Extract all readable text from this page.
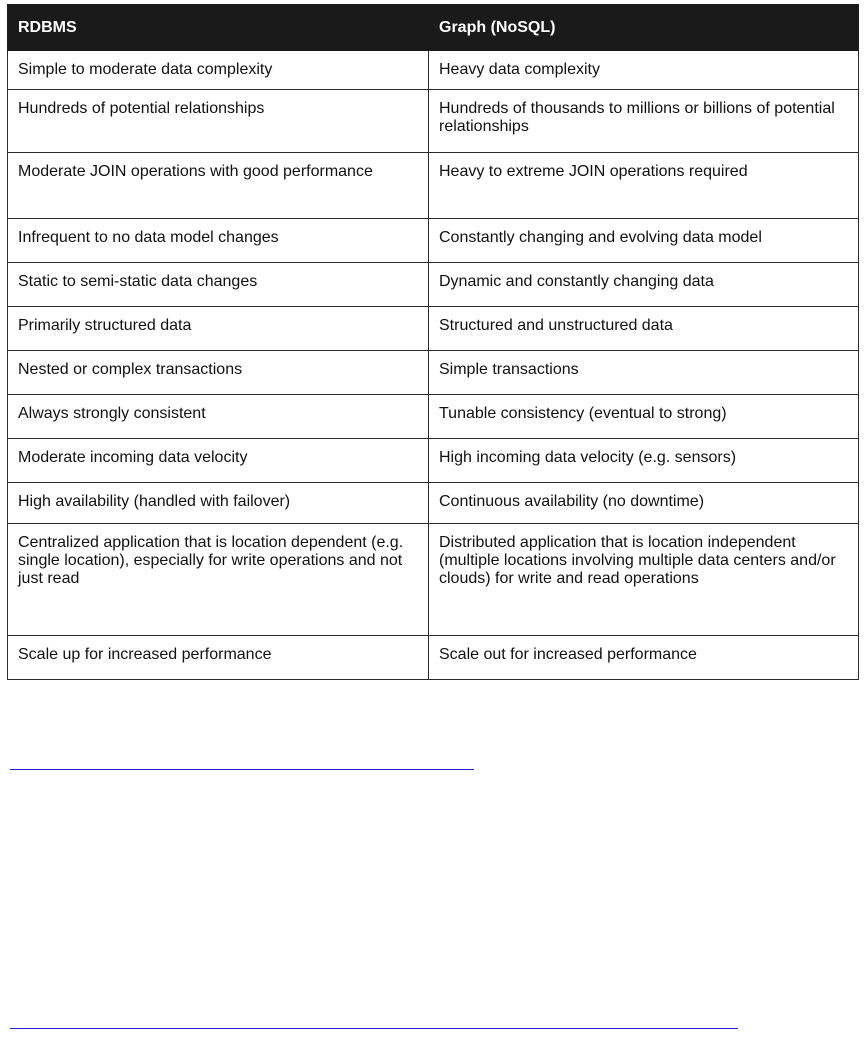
RDBMS	Graph (NoSQL)
Simple to moderate data complexity	Heavy data complexity
Hundreds of potential relationships	Hundreds of thousands to millions or billions of potential relationships
Moderate JOIN operations with good performance	Heavy to extreme JOIN operations required
Infrequent to no data model changes	Constantly changing and evolving data model
Static to semi-static data changes	Dynamic and constantly changing data
Primarily structured data	Structured and unstructured data
Nested or complex transactions	Simple transactions
Always strongly consistent	Tunable consistency (eventual to strong)
Moderate incoming data velocity	High incoming data velocity (e.g. sensors)
High availability (handled with failover)	Continuous availability (no downtime)
Centralized application that is location dependent (e.g. single location), especially for write operations and not just read	Distributed application that is location independent (multiple locations involving multiple data centers and/or clouds) for write and read operations
Scale up for increased performance	Scale out for increased performance
